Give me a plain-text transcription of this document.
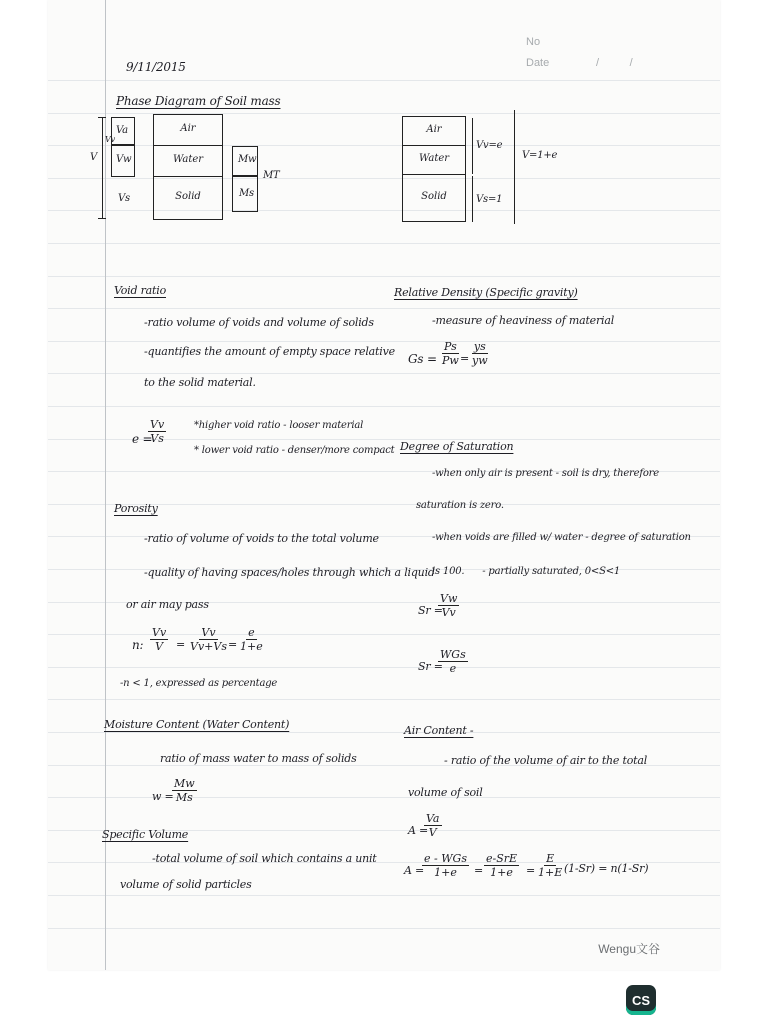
No
Date	/          /
9/11/2015
Phase Diagram of Soil mass
V
Vv
Va
Vw
Vs
Air
Water
Solid
Mw
Ms
MT
Air
Water
Solid
Vv=e
Vs=1
V=1+e
Void ratio
-ratio volume of voids and volume of solids
-quantifies the amount of empty space relative
to the solid material.
e =
$\frac{Vv}{Vs}$	*higher void ratio - looser material
* lower void ratio - denser/more compact
Porosity
-ratio of volume of voids to the total volume
-quality of having spaces/holes through which a liquid
or air may pass
n: $\frac{Vv}{V} = \frac{Vv}{Vv+Vs} = \frac{e}{1+e}$
-n < 1, expressed as percentage
Moisture Content (Water Content)
ratio of mass water to mass of solids
w =
$\frac{Mw}{Ms}$
Specific Volume
-total volume of soil which contains a unit
volume of solid particles
Relative Density (Specific gravity)
-measure of heaviness of material
$Gs = \frac{Ps}{Pw} = \frac{ys}{yw}$
Degree of Saturation
-when only air is present - soil is dry, therefore
saturation is zero.
-when voids are filled w/ water - degree of saturation
is 100.      - partially saturated, 0<S<1
Sr =
$\frac{Vw}{Vv}$
Sr =
WGs
e
Air Content -
- ratio of the volume of air to the total
volume of soil
A =
$\frac{Va}{V}$
A =
e - WGs
1+e =
e-SrE
$1+e = \frac{E}{1+E} (1-Sr) = n(1-Sr)$
Wengu文谷
CS
